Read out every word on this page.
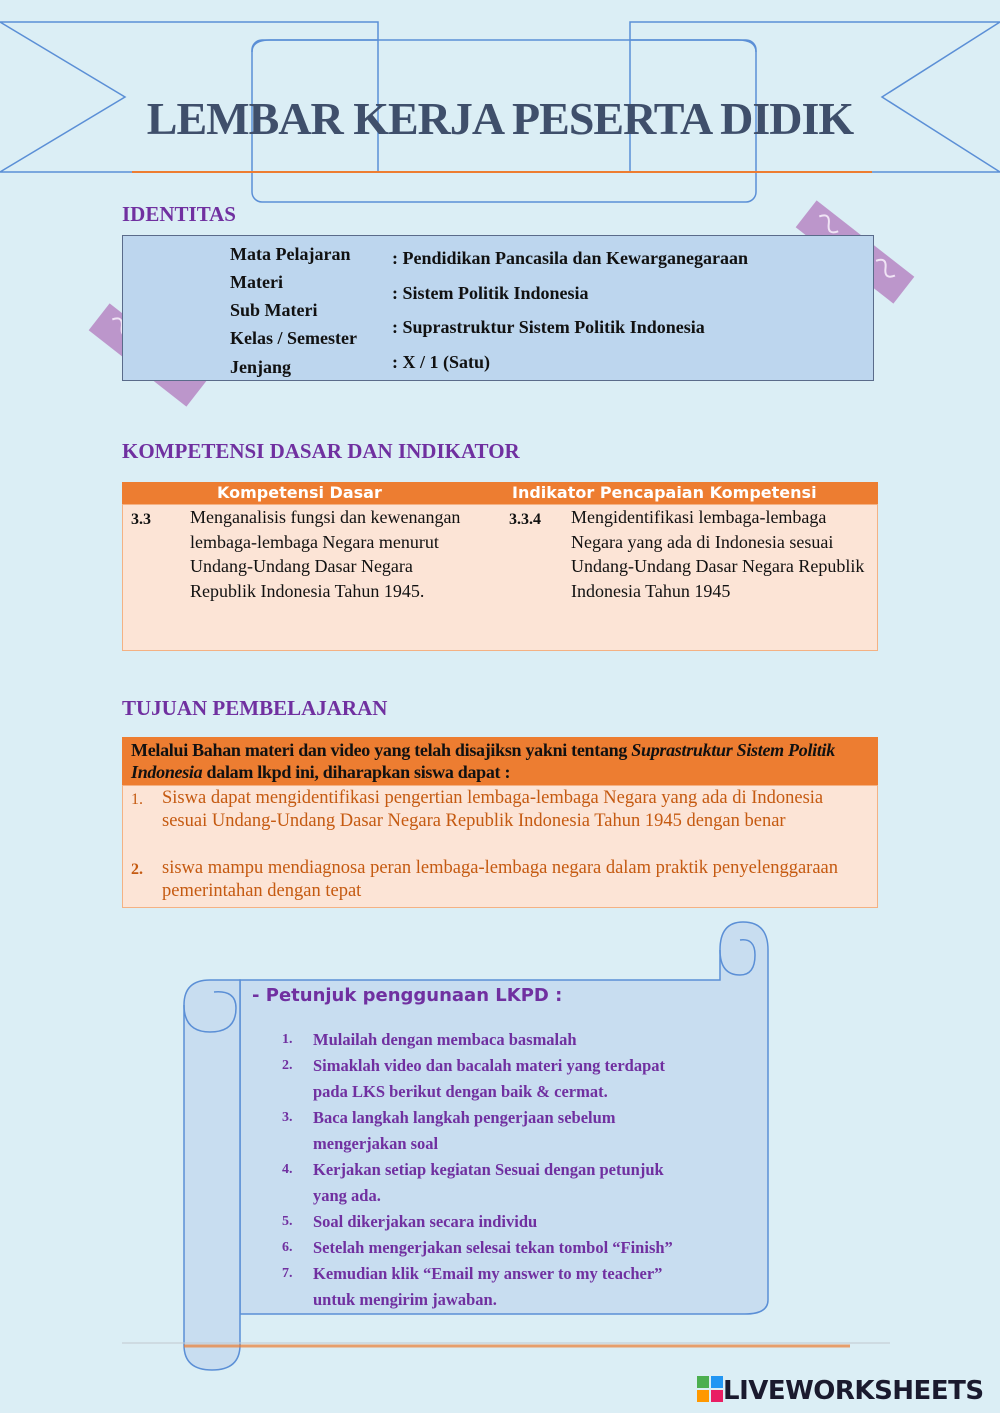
LEMBAR KERJA PESERTA DIDIK
IDENTITAS
Mata Pelajaran
Materi
Sub Materi
Kelas / Semester
Jenjang
: Pendidikan Pancasila dan Kewarganegaraan
: Sistem Politik Indonesia
: Suprastruktur Sistem Politik Indonesia
: X / 1 (Satu)
KOMPETENSI DASAR DAN INDIKATOR
Kompetensi Dasar	Indikator Pencapaian Kompetensi
3.3 Menganalisis fungsi dan kewenangan lembaga-lembaga Negara menurut Undang-Undang Dasar Negara Republik Indonesia Tahun 1945.
3.3.4 Mengidentifikasi lembaga-lembaga Negara yang ada di Indonesia sesuai Undang-Undang Dasar Negara Republik Indonesia Tahun 1945
TUJUAN PEMBELAJARAN
Melalui Bahan materi dan video yang telah disajiksn yakni tentang Suprastruktur Sistem Politik Indonesia dalam lkpd ini, diharapkan siswa dapat :
1. Siswa dapat mengidentifikasi pengertian lembaga-lembaga Negara yang ada di Indonesia sesuai Undang-Undang Dasar Negara Republik Indonesia Tahun 1945 dengan benar
2. siswa mampu mendiagnosa peran lembaga-lembaga negara dalam praktik penyelenggaraan pemerintahan dengan tepat
- Petunjuk penggunaan LKPD :
1. Mulailah dengan membaca basmalah
2. Simaklah video dan bacalah materi yang terdapat
pada LKS berikut dengan baik & cermat.
3. Baca langkah langkah pengerjaan sebelum
mengerjakan soal
4. Kerjakan setiap kegiatan Sesuai dengan petunjuk
yang ada.
5. Soal dikerjakan secara individu
6. Setelah mengerjakan selesai tekan tombol “Finish”
7. Kemudian klik “Email my answer to my teacher”
untuk mengirim jawaban.
LIVEWORKSHEETS
